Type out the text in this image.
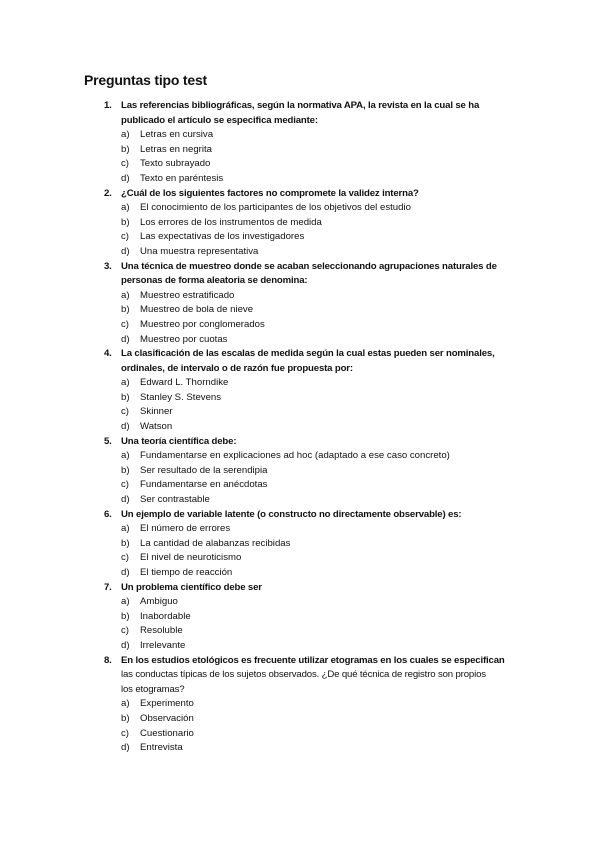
Preguntas tipo test
1. Las referencias bibliográficas, según la normativa APA, la revista en la cual se ha
publicado el artículo se especifica mediante:
a) Letras en cursiva
b) Letras en negrita
c) Texto subrayado
d) Texto en paréntesis
2. ¿Cuál de los siguientes factores no compromete la validez interna?
a) El conocimiento de los participantes de los objetivos del estudio
b) Los errores de los instrumentos de medida
c) Las expectativas de los investigadores
d) Una muestra representativa
3. Una técnica de muestreo donde se acaban seleccionando agrupaciones naturales de
personas de forma aleatoria se denomina:
a) Muestreo estratificado
b) Muestreo de bola de nieve
c) Muestreo por conglomerados
d) Muestreo por cuotas
4. La clasificación de las escalas de medida según la cual estas pueden ser nominales,
ordinales, de intervalo o de razón fue propuesta por:
a) Edward L. Thorndike
b) Stanley S. Stevens
c) Skinner
d) Watson
5. Una teoría científica debe:
a) Fundamentarse en explicaciones ad hoc (adaptado a ese caso concreto)
b) Ser resultado de la serendipia
c) Fundamentarse en anécdotas
d) Ser contrastable
6. Un ejemplo de variable latente (o constructo no directamente observable) es:
a) El número de errores
b) La cantidad de alabanzas recibidas
c) El nivel de neuroticismo
d) El tiempo de reacción
7. Un problema científico debe ser
a) Ambiguo
b) Inabordable
c) Resoluble
d) Irrelevante
8. En los estudios etológicos es frecuente utilizar etogramas en los cuales se especifican
las conductas típicas de los sujetos observados. ¿De qué técnica de registro son propios
los etogramas?
a) Experimento
b) Observación
c) Cuestionario
d) Entrevista
